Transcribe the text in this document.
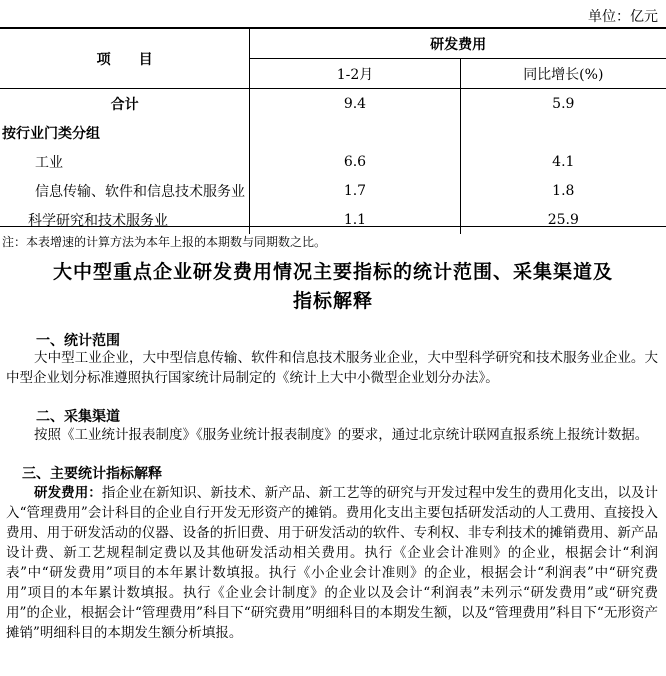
单位：亿元
项　　目	研发费用	
	1-2月	同比增长(%)
合计	9.4	5.9
按行业门类分组		
工业	6.6	4.1
信息传输、软件和信息技术服务业	1.7	1.8
科学研究和技术服务业	1.1	25.9
注：本表增速的计算方法为本年上报的本期数与同期数之比。
大中型重点企业研发费用情况主要指标的统计范围、采集渠道及
指标解释
一、统计范围
大中型工业企业，大中型信息传输、软件和信息技术服务业企业，大中型科学研究和技术服务业企业。大中型企业划分标准遵照执行国家统计局制定的《统计上大中小微型企业划分办法》。
二、采集渠道
按照《工业统计报表制度》《服务业统计报表制度》的要求，通过北京统计联网直报系统上报统计数据。
三、主要统计指标解释
研发费用：指企业在新知识、新技术、新产品、新工艺等的研究与开发过程中发生的费用化支出，以及计入“管理费用”会计科目的企业自行开发无形资产的摊销。费用化支出主要包括研发活动的人工费用、直接投入费用、用于研发活动的仪器、设备的折旧费、用于研发活动的软件、专利权、非专利技术的摊销费用、新产品设计费、新工艺规程制定费以及其他研发活动相关费用。执行《企业会计准则》的企业，根据会计“利润表”中“研发费用”项目的本年累计数填报。执行《小企业会计准则》的企业，根据会计“利润表”中“研究费用”项目的本年累计数填报。执行《企业会计制度》的企业以及会计“利润表”未列示“研发费用”或“研究费用”的企业，根据会计“管理费用”科目下“研究费用”明细科目的本期发生额，以及“管理费用”科目下“无形资产摊销”明细科目的本期发生额分析填报。
